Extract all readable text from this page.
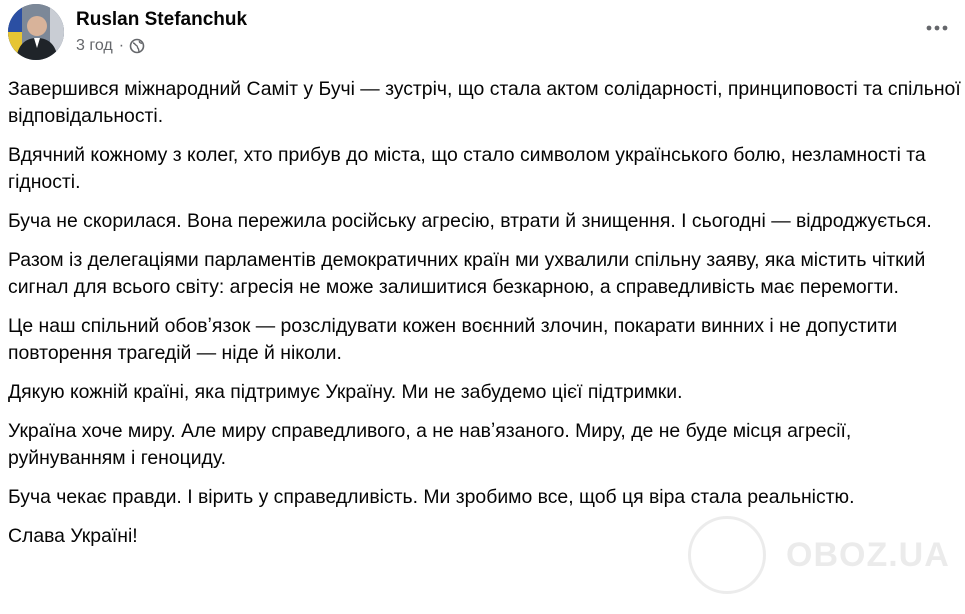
Ruslan Stefanchuk
3 год ·

Завершився міжнародний Саміт у Бучі — зустріч, що стала актом солідарності, принциповості та спільної відповідальності.

Вдячний кожному з колег, хто прибув до міста, що стало символом українського болю, незламності та гідності.

Буча не скорилася. Вона пережила російську агресію, втрати й знищення. І сьогодні — відроджується.

Разом із делегаціями парламентів демократичних країн ми ухвалили спільну заяву, яка містить чіткий сигнал для всього світу: агресія не може залишитися безкарною, а справедливість має перемогти.

Це наш спільний обовʼязок — розслідувати кожен воєнний злочин, покарати винних і не допустити повторення трагедій — ніде й ніколи.

Дякую кожній країні, яка підтримує Україну. Ми не забудемо цієї підтримки.

Україна хоче миру. Але миру справедливого, а не навʼязаного. Миру, де не буде місця агресії, руйнуванням і геноциду.

Буча чекає правди. І вірить у справедливість. Ми зробимо все, щоб ця віра стала реальністю.

Слава Україні!	OBOZ.UA
